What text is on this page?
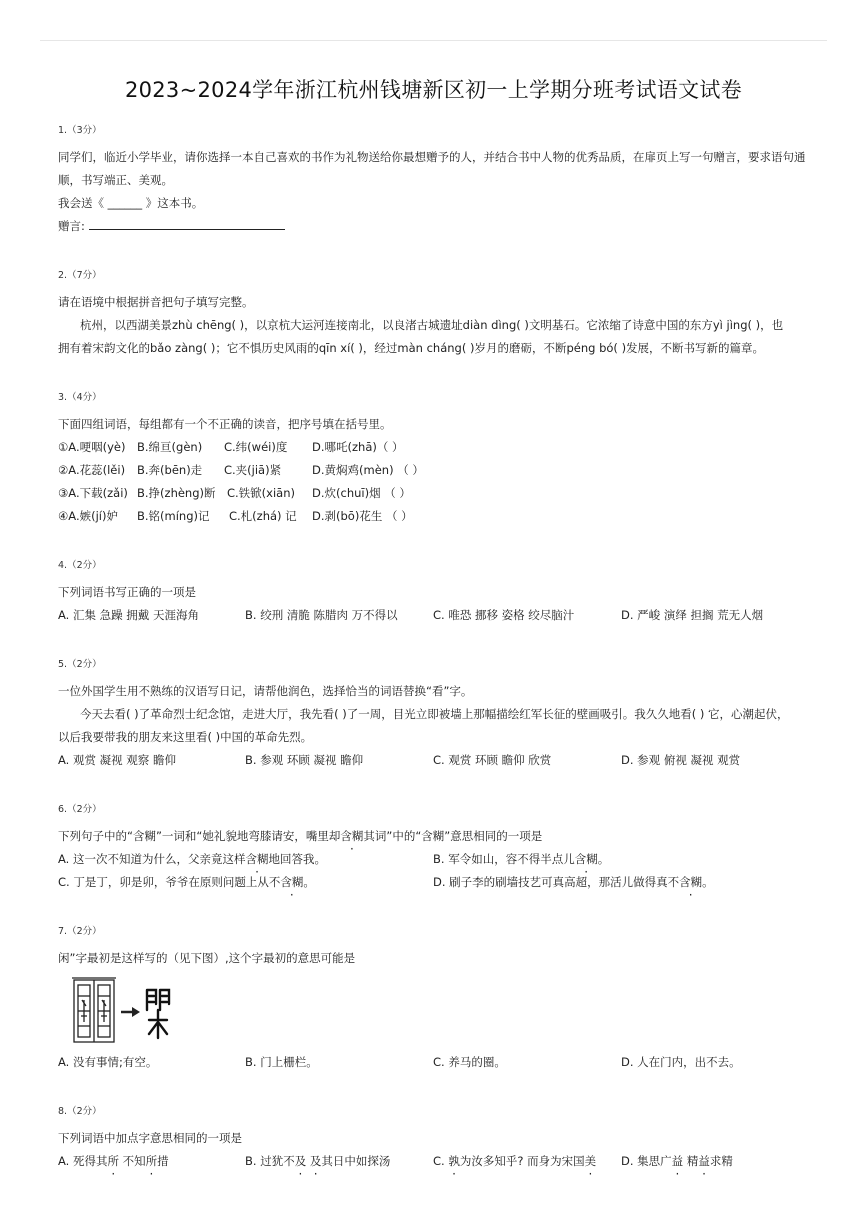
2023~2024学年浙江杭州钱塘新区初一上学期分班考试语文试卷
1.（3分）
同学们，临近小学毕业，请你选择一本自己喜欢的书作为礼物送给你最想赠予的人，并结合书中人物的优秀品质，在扉页上写一句赠言，要求语句通
顺，书写端正、美观。
我会送《 ______ 》这本书。
赠言:
2.（7分）
请在语境中根据拼音把句子填写完整。
杭州，以西湖美景zhù chēng( )，以京杭大运河连接南北，以良渚古城遗址diàn dìng( )文明基石。它浓缩了诗意中国的东方yì jìng( )，也
拥有着宋韵文化的bǎo zàng( )；它不惧历史风雨的qīn xí( )，经过màn cháng( )岁月的磨砺，不断péng bó( )发展，不断书写新的篇章。
3.（4分）
下面四组词语，每组都有一个不正确的读音，把序号填在括号里。
①A.哽咽(yè) B.绵亘(gèn) C.纬(wéi)度 D.哪吒(zhā)（ ）
②A.花蕊(lěi) B.奔(bēn)走 C.夹(jiā)紧	D.黄焖鸡(mèn) （ ）
③A.下载(zǎi) B.挣(zhèng)断 C.铁锨(xiān) D.炊(chuī)烟 （ ）
④A.嫉(jí)妒 B.铭(míng)记 C.札(zhá) 记 D.剥(bō)花生 （ ）
4.（2分）
下列词语书写正确的一项是
A. 汇集 急躁 拥戴 天涯海角	B. 绞刑 清脆 陈腊肉 万不得以	C. 唯恐 挪移 姿格 绞尽脑汁	D. 严峻 演绎 担搁 荒无人烟
5.（2分）
一位外国学生用不熟练的汉语写日记，请帮他润色，选择恰当的词语替换“看”字。
今天去看( )了革命烈士纪念馆，走进大厅，我先看( )了一周，目光立即被墙上那幅描绘红军长征的壁画吸引。我久久地看( ) 它，心潮起伏，
以后我要带我的朋友来这里看( )中国的革命先烈。
A. 观赏 凝视 观察 瞻仰	B. 参观 环顾 凝视 瞻仰	C. 观赏 环顾 瞻仰 欣赏	D. 参观 俯视 凝视 观赏
6.（2分）
下列句子中的“含糊”一词和“她礼貌地弯膝请安，嘴里却含糊其词”中的“含糊”意思相同的一项是
A. 这一次不知道为什么，父亲竟这样含糊地回答我。	B. 军令如山，容不得半点儿含糊。
C. 丁是丁，卯是卯，爷爷在原则问题上从不含糊。	D. 刷子李的刷墙技艺可真高超，那活儿做得真不含糊。
7.（2分）
闲”字最初是这样写的（见下图）,这个字最初的意思可能是
A. 没有事情;有空。	B. 门上栅栏。	C. 养马的圈。	D. 人在门内，出不去。
8.（2分）
下列词语中加点字意思相同的一项是
A. 死得其所 不知所措	B. 过犹不及 及其日中如探汤	C. 孰为汝多知乎? 而身为宋国美 D. 集思广益 精益求精
